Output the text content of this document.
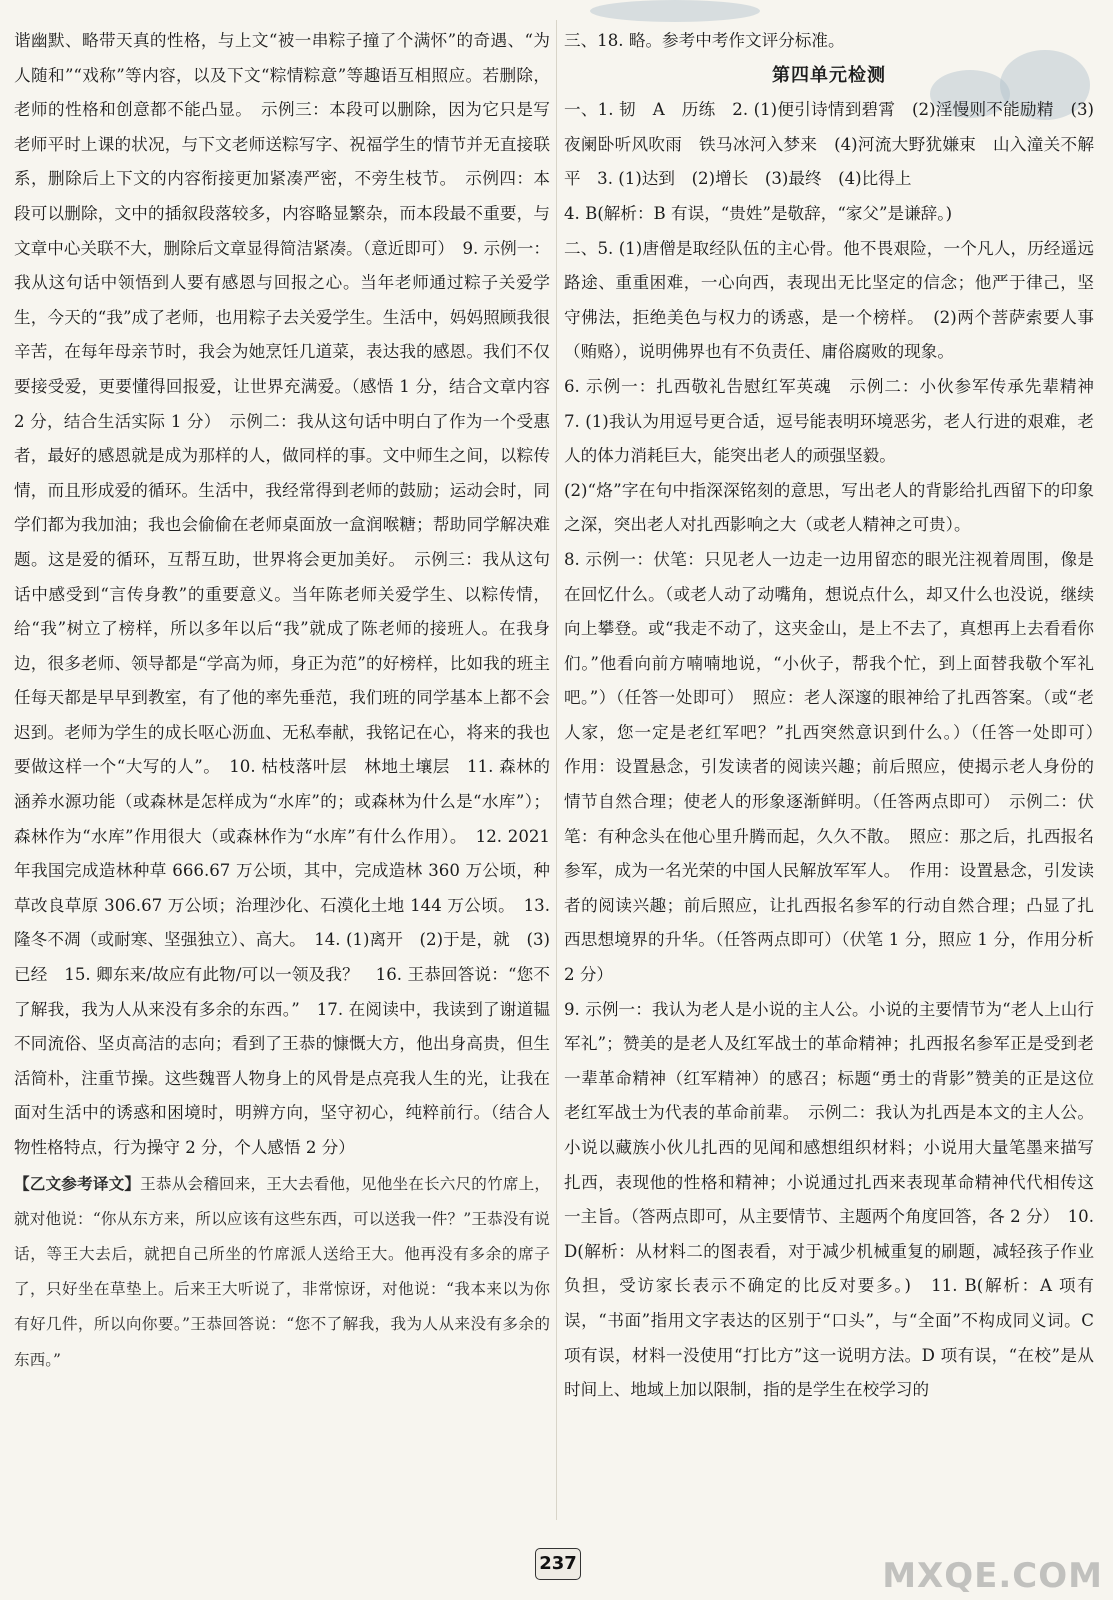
谐幽默、略带天真的性格，与上文“被一串粽子撞了个满怀”的奇遇、“为人随和”“戏称”等内容，以及下文“粽情粽意”等趣语互相照应。若删除，老师的性格和创意都不能凸显。　示例三：本段可以删除，因为它只是写老师平时上课的状况，与下文老师送粽写字、祝福学生的情节并无直接联系，删除后上下文的内容衔接更加紧凑严密，不旁生枝节。　示例四：本段可以删除，文中的插叙段落较多，内容略显繁杂，而本段最不重要，与文章中心关联不大，删除后文章显得简洁紧凑。（意近即可）　9. 示例一：我从这句话中领悟到人要有感恩与回报之心。当年老师通过粽子关爱学生，今天的“我”成了老师，也用粽子去关爱学生。生活中，妈妈照顾我很辛苦，在每年母亲节时，我会为她烹饪几道菜，表达我的感恩。我们不仅要接受爱，更要懂得回报爱，让世界充满爱。（感悟 1 分，结合文章内容 2 分，结合生活实际 1 分）　示例二：我从这句话中明白了作为一个受惠者，最好的感恩就是成为那样的人，做同样的事。文中师生之间，以粽传情，而且形成爱的循环。生活中，我经常得到老师的鼓励；运动会时，同学们都为我加油；我也会偷偷在老师桌面放一盒润喉糖；帮助同学解决难题。这是爱的循环，互帮互助，世界将会更加美好。　示例三：我从这句话中感受到“言传身教”的重要意义。当年陈老师关爱学生、以粽传情，给“我”树立了榜样，所以多年以后“我”就成了陈老师的接班人。在我身边，很多老师、领导都是“学高为师，身正为范”的好榜样，比如我的班主任每天都是早早到教室，有了他的率先垂范，我们班的同学基本上都不会迟到。老师为学生的成长呕心沥血、无私奉献，我铭记在心，将来的我也要做这样一个“大写的人”。　10. 枯枝落叶层　林地土壤层　11. 森林的涵养水源功能（或森林是怎样成为“水库”的；或森林为什么是“水库”）；森林作为“水库”作用很大（或森林作为“水库”有什么作用）。　12. 2021 年我国完成造林种草 666.67 万公顷，其中，完成造林 360 万公顷，种草改良草原 306.67 万公顷；治理沙化、石漠化土地 144 万公顷。　13. 隆冬不凋（或耐寒、坚强独立）、高大。　14. (1)离开　(2)于是，就　(3)已经　15. 卿东来/故应有此物/可以一领及我？　16. 王恭回答说：“您不了解我，我为人从来没有多余的东西。”　17. 在阅读中，我读到了谢道韫不同流俗、坚贞高洁的志向；看到了王恭的慷慨大方，他出身高贵，但生活简朴，注重节操。这些魏晋人物身上的风骨是点亮我人生的光，让我在面对生活中的诱惑和困境时，明辨方向，坚守初心，纯粹前行。（结合人物性格特点，行为操守 2 分，个人感悟 2 分）

【乙文参考译文】王恭从会稽回来，王大去看他，见他坐在长六尺的竹席上，就对他说：“你从东方来，所以应该有这些东西，可以送我一件？”王恭没有说话，等王大去后，就把自己所坐的竹席派人送给王大。他再没有多余的席子了，只好坐在草垫上。后来王大听说了，非常惊讶，对他说：“我本来以为你有好几件，所以向你要。”王恭回答说：“您不了解我，我为人从来没有多余的东西。”

三、18. 略。参考中考作文评分标准。

第四单元检测

一、1. 韧　A　历练　2. (1)便引诗情到碧霄　(2)淫慢则不能励精　(3)夜阑卧听风吹雨　铁马冰河入梦来　(4)河流大野犹嫌束　山入潼关不解平　3. (1)达到　(2)增长　(3)最终　(4)比得上

4. B(解析：B 有误，“贵姓”是敬辞，“家父”是谦辞。)

二、5. (1)唐僧是取经队伍的主心骨。他不畏艰险，一个凡人，历经遥远路途、重重困难，一心向西，表现出无比坚定的信念；他严于律己，坚守佛法，拒绝美色与权力的诱惑，是一个榜样。　(2)两个菩萨索要人事（贿赂），说明佛界也有不负责任、庸俗腐败的现象。

6. 示例一：扎西敬礼告慰红军英魂　示例二：小伙参军传承先辈精神　7. (1)我认为用逗号更合适，逗号能表明环境恶劣，老人行进的艰难，老人的体力消耗巨大，能突出老人的顽强坚毅。

(2)“烙”字在句中指深深铭刻的意思，写出老人的背影给扎西留下的印象之深，突出老人对扎西影响之大（或老人精神之可贵）。

8. 示例一：伏笔：只见老人一边走一边用留恋的眼光注视着周围，像是在回忆什么。（或老人动了动嘴角，想说点什么，却又什么也没说，继续向上攀登。或“我走不动了，这夹金山，是上不去了，真想再上去看看你们。”他看向前方喃喃地说，“小伙子，帮我个忙，到上面替我敬个军礼吧。”）（任答一处即可）　照应：老人深邃的眼神给了扎西答案。（或“老人家，您一定是老红军吧？”扎西突然意识到什么。）（任答一处即可）　作用：设置悬念，引发读者的阅读兴趣；前后照应，使揭示老人身份的情节自然合理；使老人的形象逐渐鲜明。（任答两点即可）　示例二：伏笔：有种念头在他心里升腾而起，久久不散。　照应：那之后，扎西报名参军，成为一名光荣的中国人民解放军军人。　作用：设置悬念，引发读者的阅读兴趣；前后照应，让扎西报名参军的行动自然合理；凸显了扎西思想境界的升华。（任答两点即可）（伏笔 1 分，照应 1 分，作用分析 2 分）

9. 示例一：我认为老人是小说的主人公。小说的主要情节为“老人上山行军礼”；赞美的是老人及红军战士的革命精神；扎西报名参军正是受到老一辈革命精神（红军精神）的感召；标题“勇士的背影”赞美的正是这位老红军战士为代表的革命前辈。　示例二：我认为扎西是本文的主人公。小说以藏族小伙儿扎西的见闻和感想组织材料；小说用大量笔墨来描写扎西，表现他的性格和精神；小说通过扎西来表现革命精神代代相传这一主旨。（答两点即可，从主要情节、主题两个角度回答，各 2 分）　10. D(解析：从材料二的图表看，对于减少机械重复的刷题，减轻孩子作业负担，受访家长表示不确定的比反对要多。)　11. B(解析：A 项有误，“书面”指用文字表达的区别于“口头”，与“全面”不构成同义词。C 项有误，材料一没使用“打比方”这一说明方法。D 项有误，“在校”是从时间上、地域上加以限制，指的是学生在校学习的

237	MXQE.COM
